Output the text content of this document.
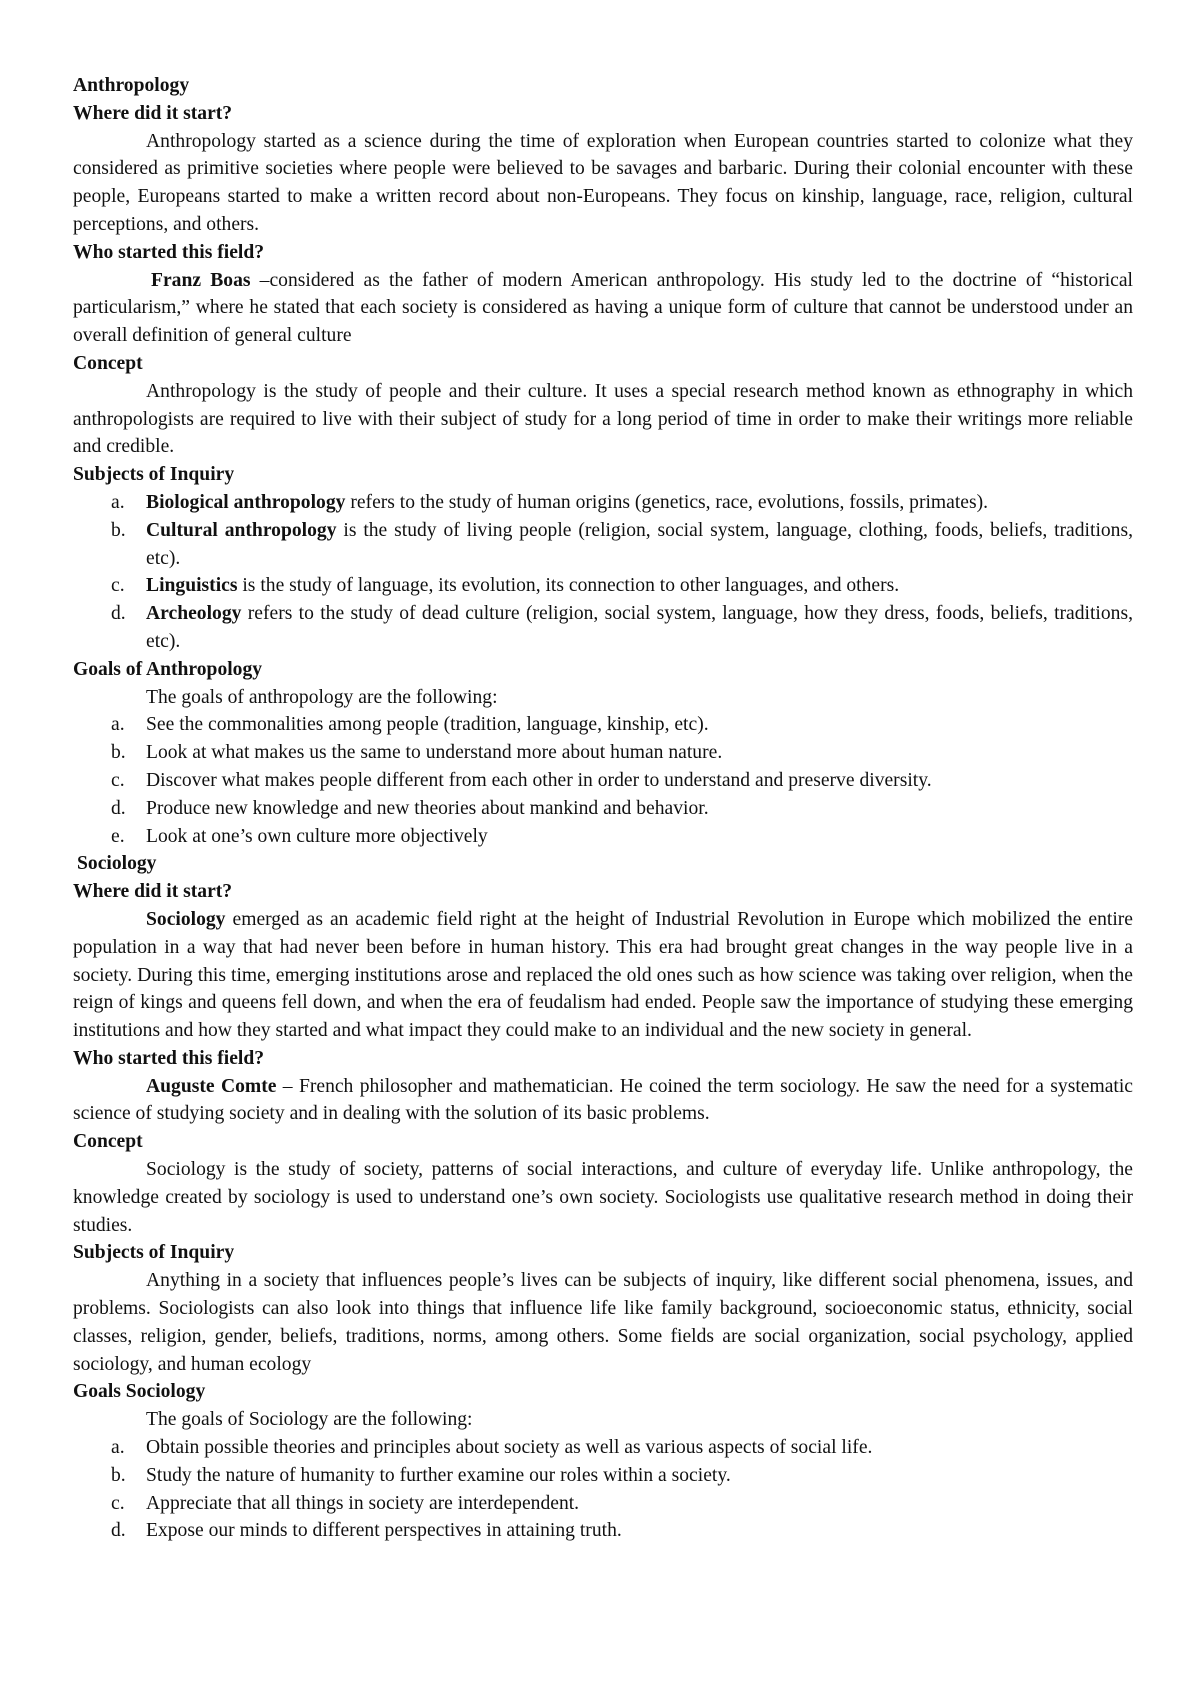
Anthropology
Where did it start?

Anthropology started as a science during the time of exploration when European countries started to colonize what they considered as primitive societies where people were believed to be savages and barbaric. During their colonial encounter with these people, Europeans started to make a written record about non-Europeans. They focus on kinship, language, race, religion, cultural perceptions, and others.

Who started this field?

Franz Boas –considered as the father of modern American anthropology. His study led to the doctrine of “historical particularism,” where he stated that each society is considered as having a unique form of culture that cannot be understood under an overall definition of general culture

Concept

Anthropology is the study of people and their culture. It uses a special research method known as ethnography in which anthropologists are required to live with their subject of study for a long period of time in order to make their writings more reliable and credible.

Subjects of Inquiry
a. Biological anthropology refers to the study of human origins (genetics, race, evolutions, fossils, primates).
b. Cultural anthropology is the study of living people (religion, social system, language, clothing, foods, beliefs, traditions, etc).
c. Linguistics is the study of language, its evolution, its connection to other languages, and others.
d. Archeology refers to the study of dead culture (religion, social system, language, how they dress, foods, beliefs, traditions, etc).
Goals of Anthropology

The goals of anthropology are the following:

a. See the commonalities among people (tradition, language, kinship, etc).
b. Look at what makes us the same to understand more about human nature.
c. Discover what makes people different from each other in order to understand and preserve diversity.
d. Produce new knowledge and new theories about mankind and behavior.
e. Look at one’s own culture more objectively
Sociology
Where did it start?

Sociology emerged as an academic field right at the height of Industrial Revolution in Europe which mobilized the entire population in a way that had never been before in human history. This era had brought great changes in the way people live in a society. During this time, emerging institutions arose and replaced the old ones such as how science was taking over religion, when the reign of kings and queens fell down, and when the era of feudalism had ended. People saw the importance of studying these emerging institutions and how they started and what impact they could make to an individual and the new society in general.

Who started this field?

Auguste Comte – French philosopher and mathematician. He coined the term sociology. He saw the need for a systematic science of studying society and in dealing with the solution of its basic problems.

Concept

Sociology is the study of society, patterns of social interactions, and culture of everyday life. Unlike anthropology, the knowledge created by sociology is used to understand one’s own society. Sociologists use qualitative research method in doing their studies.

Subjects of Inquiry

Anything in a society that influences people’s lives can be subjects of inquiry, like different social phenomena, issues, and problems. Sociologists can also look into things that influence life like family background, socioeconomic status, ethnicity, social classes, religion, gender, beliefs, traditions, norms, among others. Some fields are social organization, social psychology, applied sociology, and human ecology

Goals Sociology

The goals of Sociology are the following:

a. Obtain possible theories and principles about society as well as various aspects of social life.
b. Study the nature of humanity to further examine our roles within a society.
c. Appreciate that all things in society are interdependent.
d. Expose our minds to different perspectives in attaining truth.
